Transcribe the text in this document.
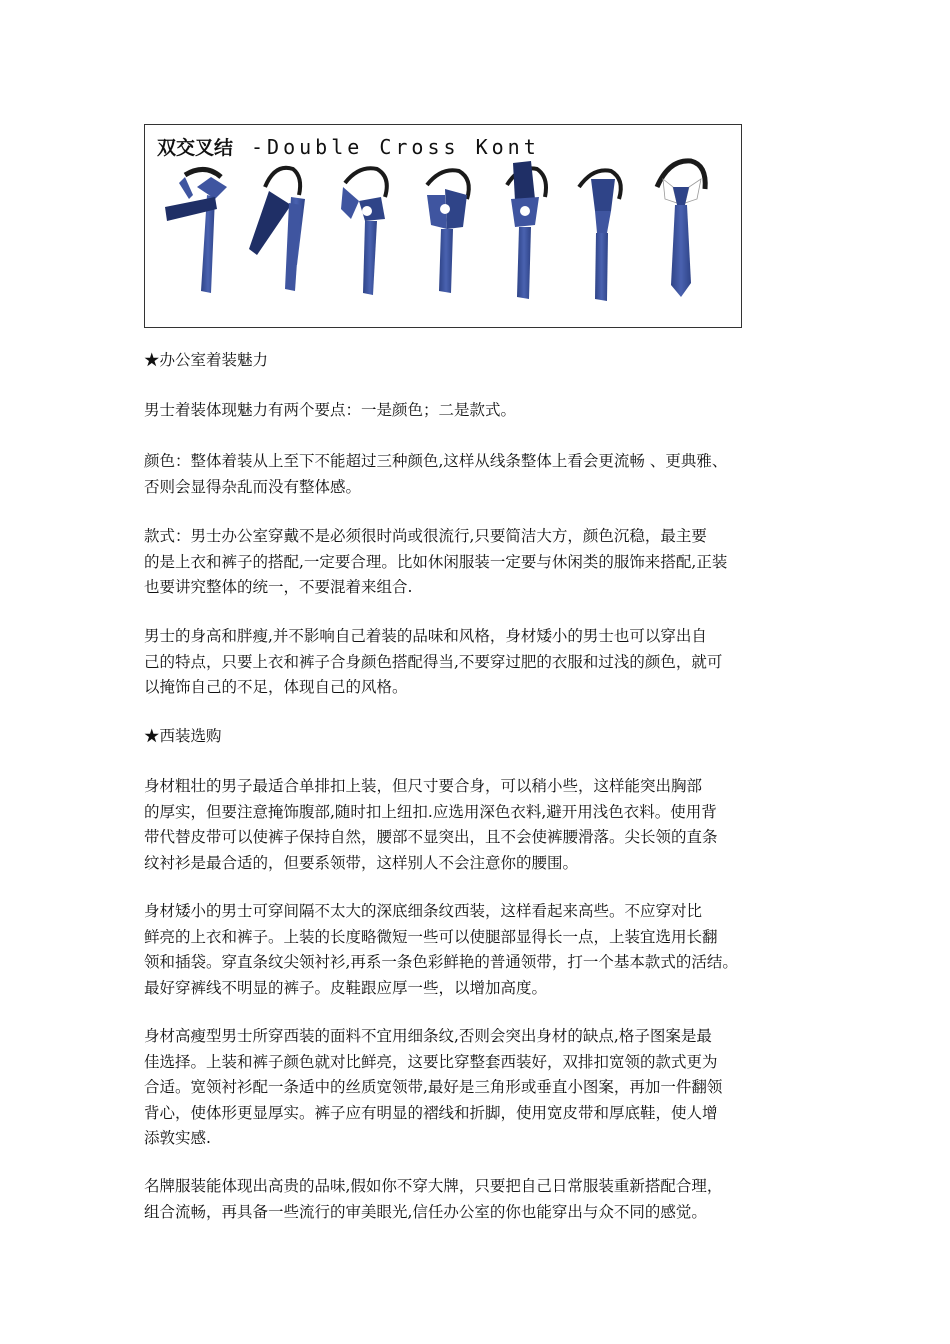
双交叉结 -Double Cross Kont
★办公室着装魅力
男士着装体现魅力有两个要点：一是颜色；二是款式。
颜色：整体着装从上至下不能超过三种颜色,这样从线条整体上看会更流畅 、更典雅、
否则会显得杂乱而没有整体感。
款式：男士办公室穿戴不是必须很时尚或很流行,只要简洁大方，颜色沉稳，最主要
的是上衣和裤子的搭配,一定要合理。比如休闲服装一定要与休闲类的服饰来搭配,正装
也要讲究整体的统一，不要混着来组合.
男士的身高和胖瘦,并不影响自己着装的品味和风格，身材矮小的男士也可以穿出自
己的特点，只要上衣和裤子合身颜色搭配得当,不要穿过肥的衣服和过浅的颜色，就可
以掩饰自己的不足，体现自己的风格。
★西装选购
身材粗壮的男子最适合单排扣上装，但尺寸要合身，可以稍小些，这样能突出胸部
的厚实，但要注意掩饰腹部,随时扣上纽扣.应选用深色衣料,避开用浅色衣料。使用背
带代替皮带可以使裤子保持自然，腰部不显突出，且不会使裤腰滑落。尖长领的直条
纹衬衫是最合适的，但要系领带，这样别人不会注意你的腰围。
身材矮小的男士可穿间隔不太大的深底细条纹西装，这样看起来高些。不应穿对比
鲜亮的上衣和裤子。上装的长度略微短一些可以使腿部显得长一点，上装宜选用长翻
领和插袋。穿直条纹尖领衬衫,再系一条色彩鲜艳的普通领带，打一个基本款式的活结。
最好穿裤线不明显的裤子。皮鞋跟应厚一些，以增加高度。
身材高瘦型男士所穿西装的面料不宜用细条纹,否则会突出身材的缺点,格子图案是最
佳选择。上装和裤子颜色就对比鲜亮，这要比穿整套西装好，双排扣宽领的款式更为
合适。宽领衬衫配一条适中的丝质宽领带,最好是三角形或垂直小图案，再加一件翻领
背心，使体形更显厚实。裤子应有明显的褶线和折脚，使用宽皮带和厚底鞋，使人增
添敦实感.
名牌服装能体现出高贵的品味,假如你不穿大牌，只要把自己日常服装重新搭配合理，
组合流畅，再具备一些流行的审美眼光,信任办公室的你也能穿出与众不同的感觉。
